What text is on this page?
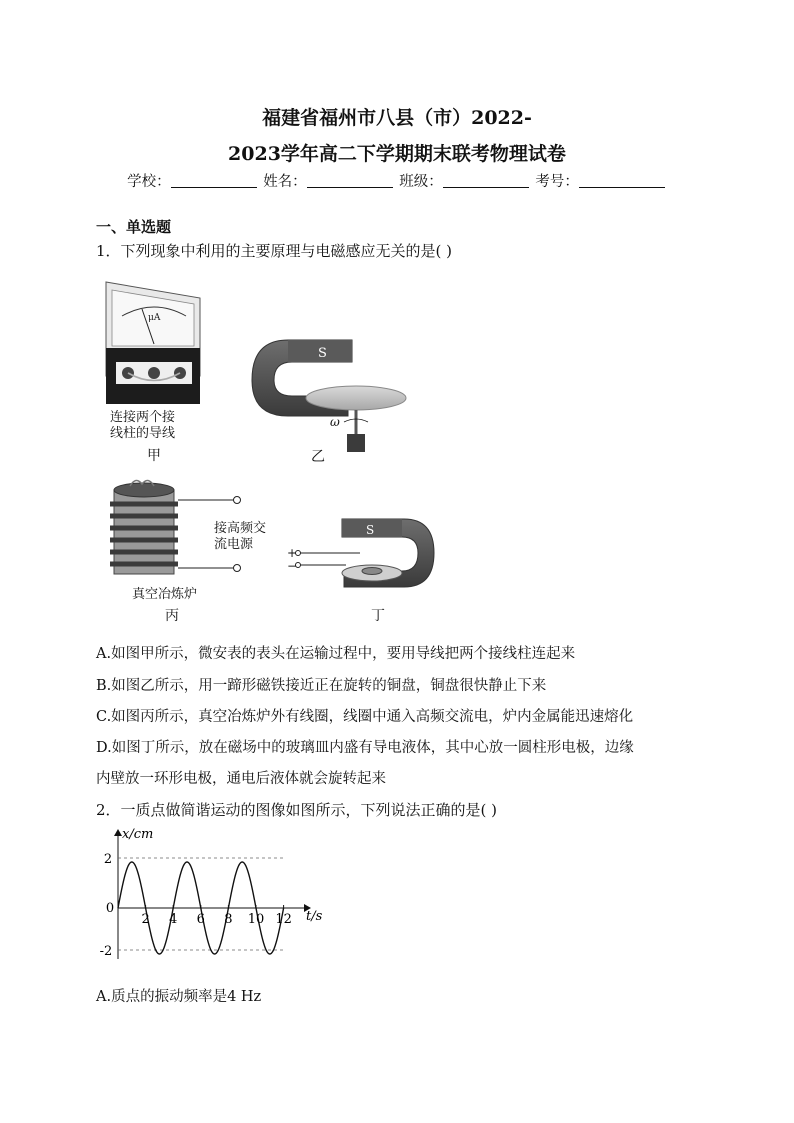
福建省福州市八县（市）2022-
2023学年高二下学期期末联考物理试卷
学校：	姓名：	班级：	考号：
一、单选题
1．下列现象中利用的主要原理与电磁感应无关的是( )
μA
连接两个接
线柱的导线
甲
S
ω
乙
接高频交
流电源
真空冶炼炉
丙
S
+
−
丁
A.如图甲所示，微安表的表头在运输过程中，要用导线把两个接线柱连起来
B.如图乙所示，用一蹄形磁铁接近正在旋转的铜盘，铜盘很快静止下来
C.如图丙所示，真空冶炼炉外有线圈，线圈中通入高频交流电，炉内金属能迅速熔化
D.如图丁所示，放在磁场中的玻璃皿内盛有导电液体，其中心放一圆柱形电极，边缘
内壁放一环形电极，通电后液体就会旋转起来
2．一质点做简谐运动的图像如图所示，下列说法正确的是( )
x/cm
t/s
2
0
-2
2 4 6 8 10 12
A.质点的振动频率是4 Hz
